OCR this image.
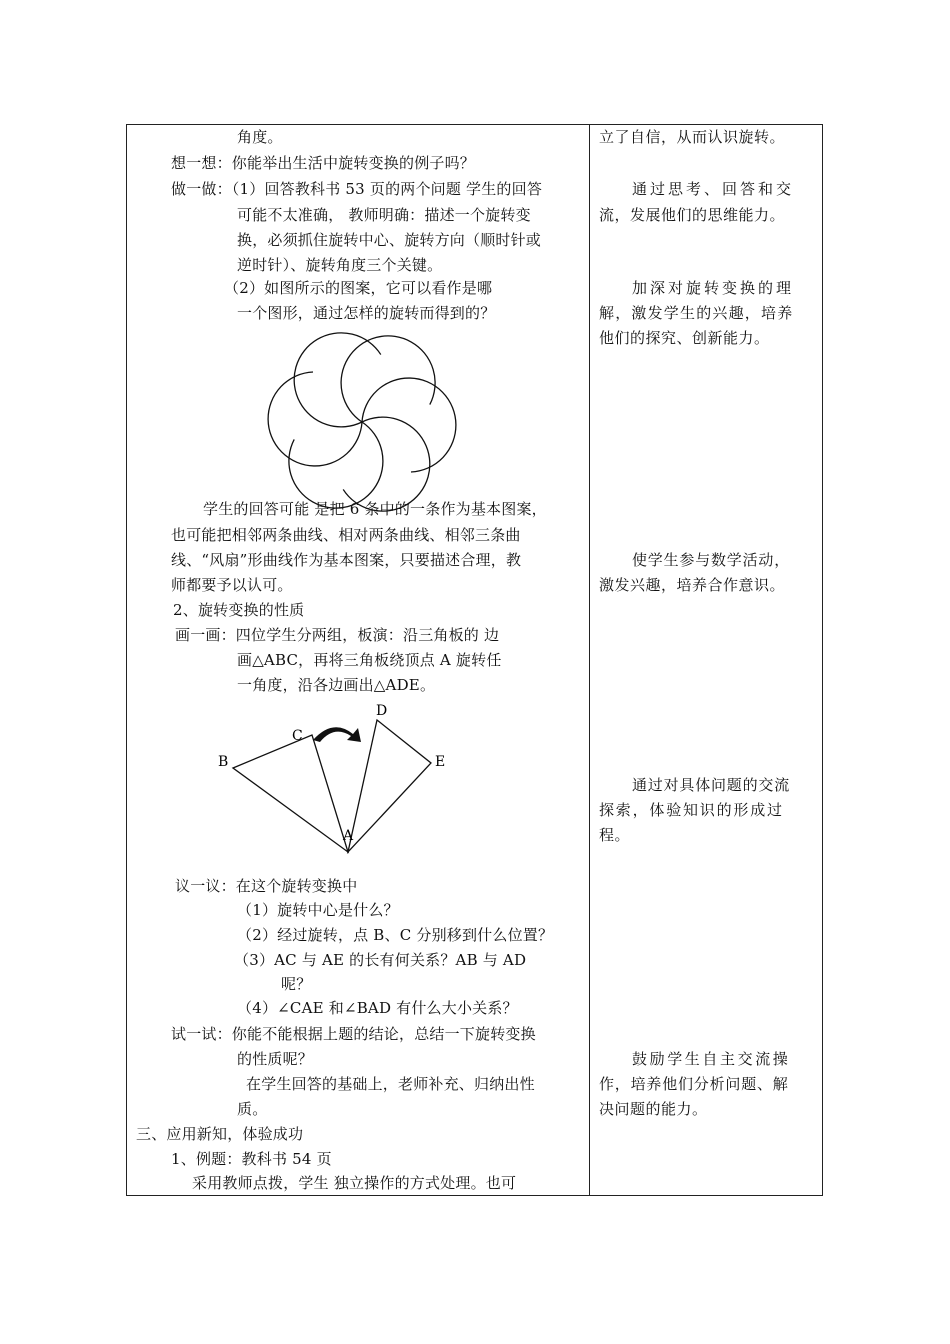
角度。
想一想：你能举出生活中旋转变换的例子吗？
做一做：（1）回答教科书 53 页的两个问题 学生的回答
可能不太准确， 教师明确：描述一个旋转变
换，必须抓住旋转中心、旋转方向（顺时针或
逆时针）、旋转角度三个关键。
（2）如图所示的图案，它可以看作是哪
一个图形，通过怎样的旋转而得到的？
学生的回答可能 是把 6 条中的一条作为基本图案，
也可能把相邻两条曲线、相对两条曲线、相邻三条曲
线、“风扇”形曲线作为基本图案，只要描述合理，教
师都要予以认可。
2、旋转变换的性质
画一画：四位学生分两组，板演：沿三角板的 边
画△ABC，再将三角板绕顶点 A 旋转任
一角度，沿各边画出△ADE。
B
C
D
E
A
议一议：在这个旋转变换中
（1）旋转中心是什么？
（2）经过旋转，点 B、C 分别移到什么位置？
（3）AC 与 AE 的长有何关系？AB 与 AD
呢？
（4）∠CAE 和∠BAD 有什么大小关系？
试一试：你能不能根据上题的结论，总结一下旋转变换
的性质呢？
在学生回答的基础上，老师补充、归纳出性
质。
三、应用新知，体验成功
1、例题：教科书 54 页
采用教师点拨，学生 独立操作的方式处理。也可
立了自信，从而认识旋转。
通过思考、回答和交
流，发展他们的思维能力。
加深对旋转变换的理
解，激发学生的兴趣，培养
他们的探究、创新能力。
使学生参与数学活动，
激发兴趣，培养合作意识。
通过对具体问题的交流
探索，体验知识的形成过
程。
鼓励学生自主交流操
作，培养他们分析问题、解
决问题的能力。
